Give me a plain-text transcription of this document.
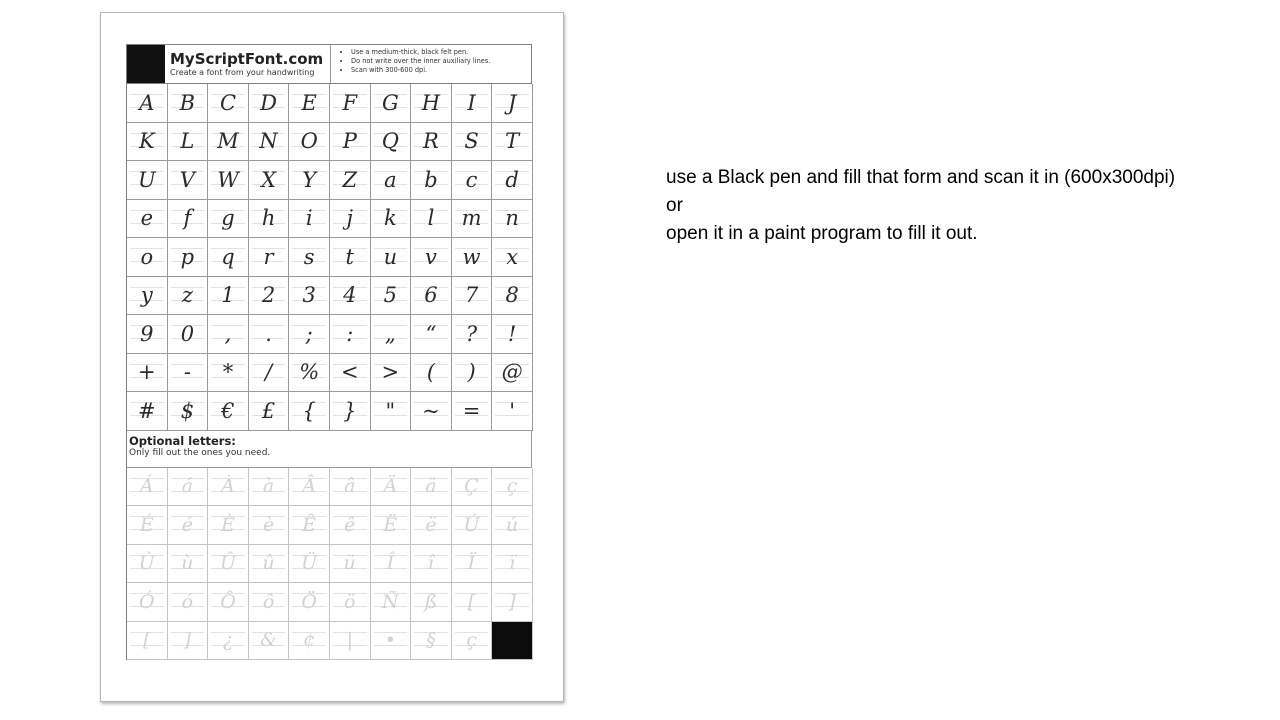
MyScriptFont.com
Create a font from your handwriting
• Use a medium-thick, black felt pen.
• Do not write over the inner auxiliary lines.
• Scan with 300-600 dpi.
A	B	C	D	E	F	G	H	I	J
K	L	M N	O	P	Q	R	S	T
U	V	W	X	Y	Z	a	b	c	d
e	f	g	h	i	j	k	l	m	n
o	p	q	r	s	t	u	v	w	x
y	z	1	2	3	4	5	6	7	8
9	0	,	.	;	:	„	“	?	!
+	-	*	/	%	<	>	(	)	@
#	$	€	£	{	}	"	~	=	'
Optional letters:
Only fill out the ones you need.
Á	á	À	à	Â	â	Ä	ä	Ç	ç
É	é	È	è	Ê	ê	Ë	ë	Ú	ú
Ù	ù	Û	û	Ü	ü	Î	î	Ï	ï
Ó	ó	Ô	ô	Ö	ö	Ñ	ß	[	]
[	]	¿	&	¢	|	•	§	ç
use a Black pen and fill that form and scan it in (600x300dpi)
or
open it in a paint program to fill it out.
